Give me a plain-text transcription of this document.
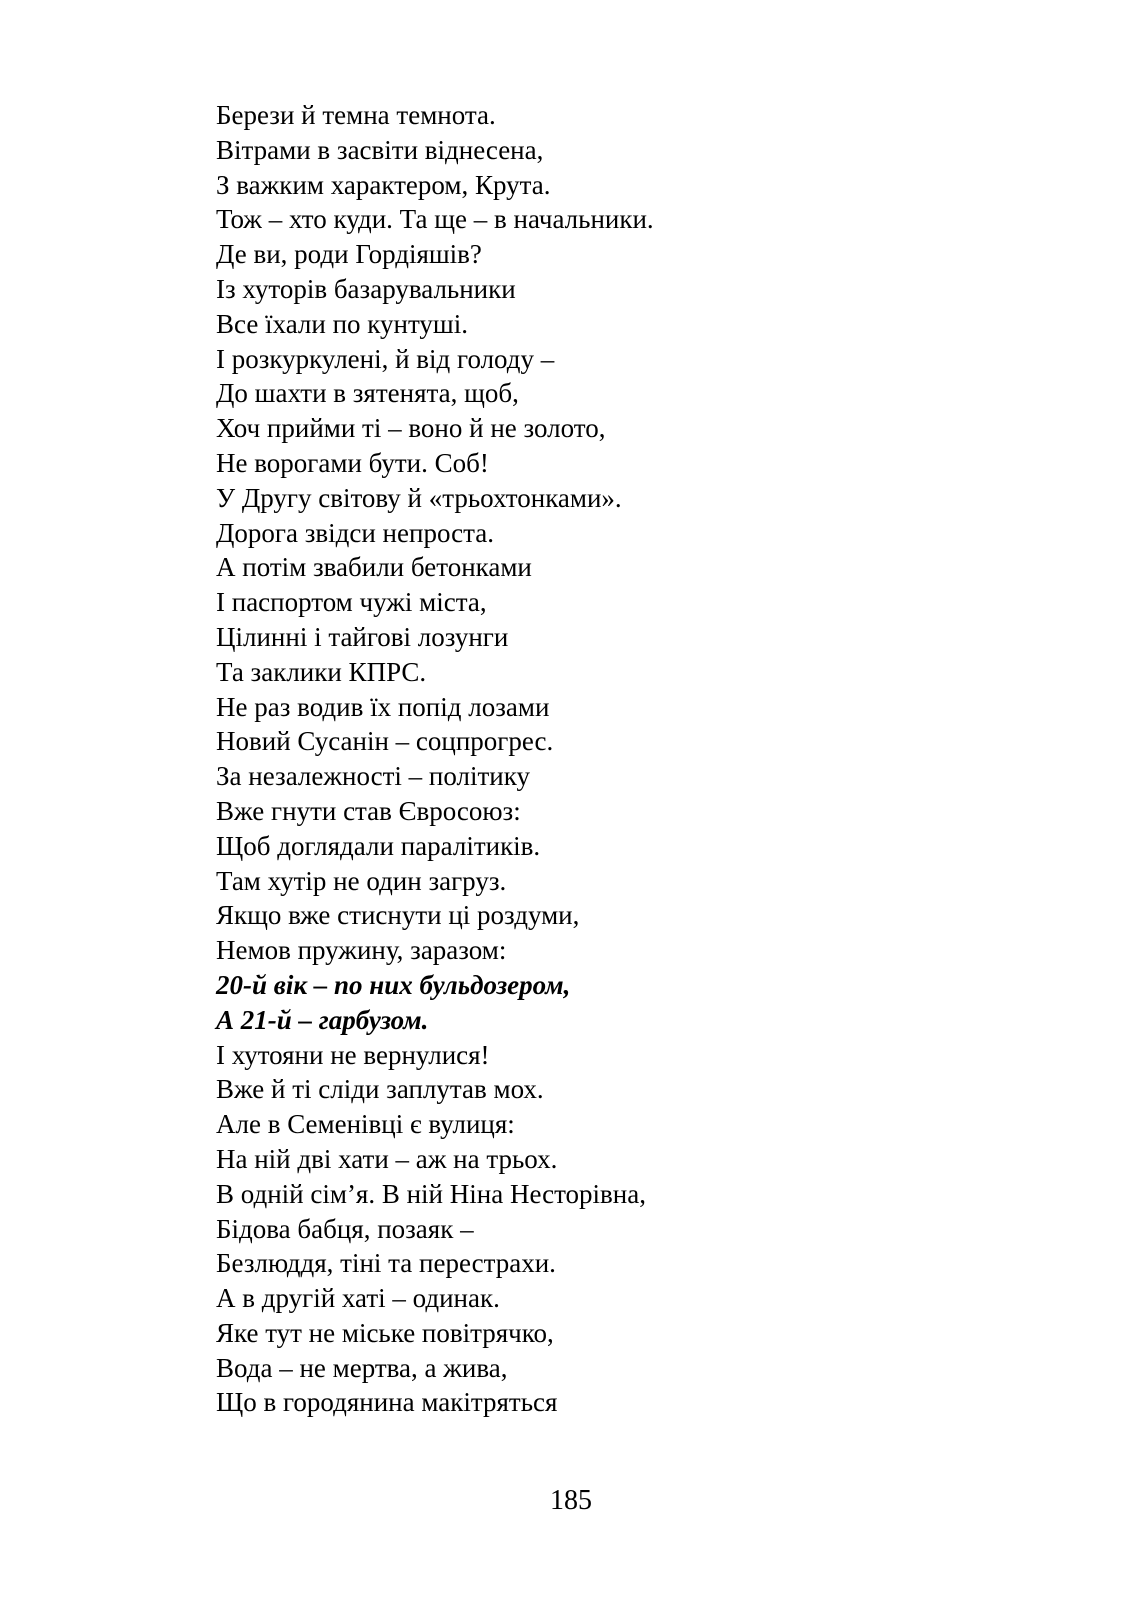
Берези й темна темнота.
Вітрами в засвіти віднесена,
З важким характером, Крута.
Тож – хто куди. Та ще – в начальники.
Де ви, роди Гордіяшів?
Із хуторів базарувальники
Все їхали по кунтуші.
І розкуркулені, й від голоду –
До шахти в зятенята, щоб,
Хоч прийми ті – воно й не золото,
Не ворогами бути. Соб!
У Другу світову й «трьохтонками».
Дорога звідси непроста.
А потім звабили бетонками
І паспортом чужі міста,
Цілинні і тайгові лозунги
Та заклики КПРС.
Не раз водив їх попід лозами
Новий Сусанін – соцпрогрес.
За незалежності – політику
Вже гнути став Євросоюз:
Щоб доглядали паралітиків.
Там хутір не один загруз.
Якщо вже стиснути ці роздуми,
Немов пружину, заразом:
20-й вік – по них бульдозером,
А 21-й – гарбузом.
І хутояни не вернулися!
Вже й ті сліди заплутав мох.
Але в Семенівці є вулиця:
На ній дві хати – аж на трьох.
В одній сім’я. В ній Ніна Несторівна,
Бідова бабця, позаяк –
Безлюддя, тіні та перестрахи.
А в другій хаті – одинак.
Яке тут не міське повітрячко,
Вода – не мертва, а жива,
Що в городянина макітряться
185
